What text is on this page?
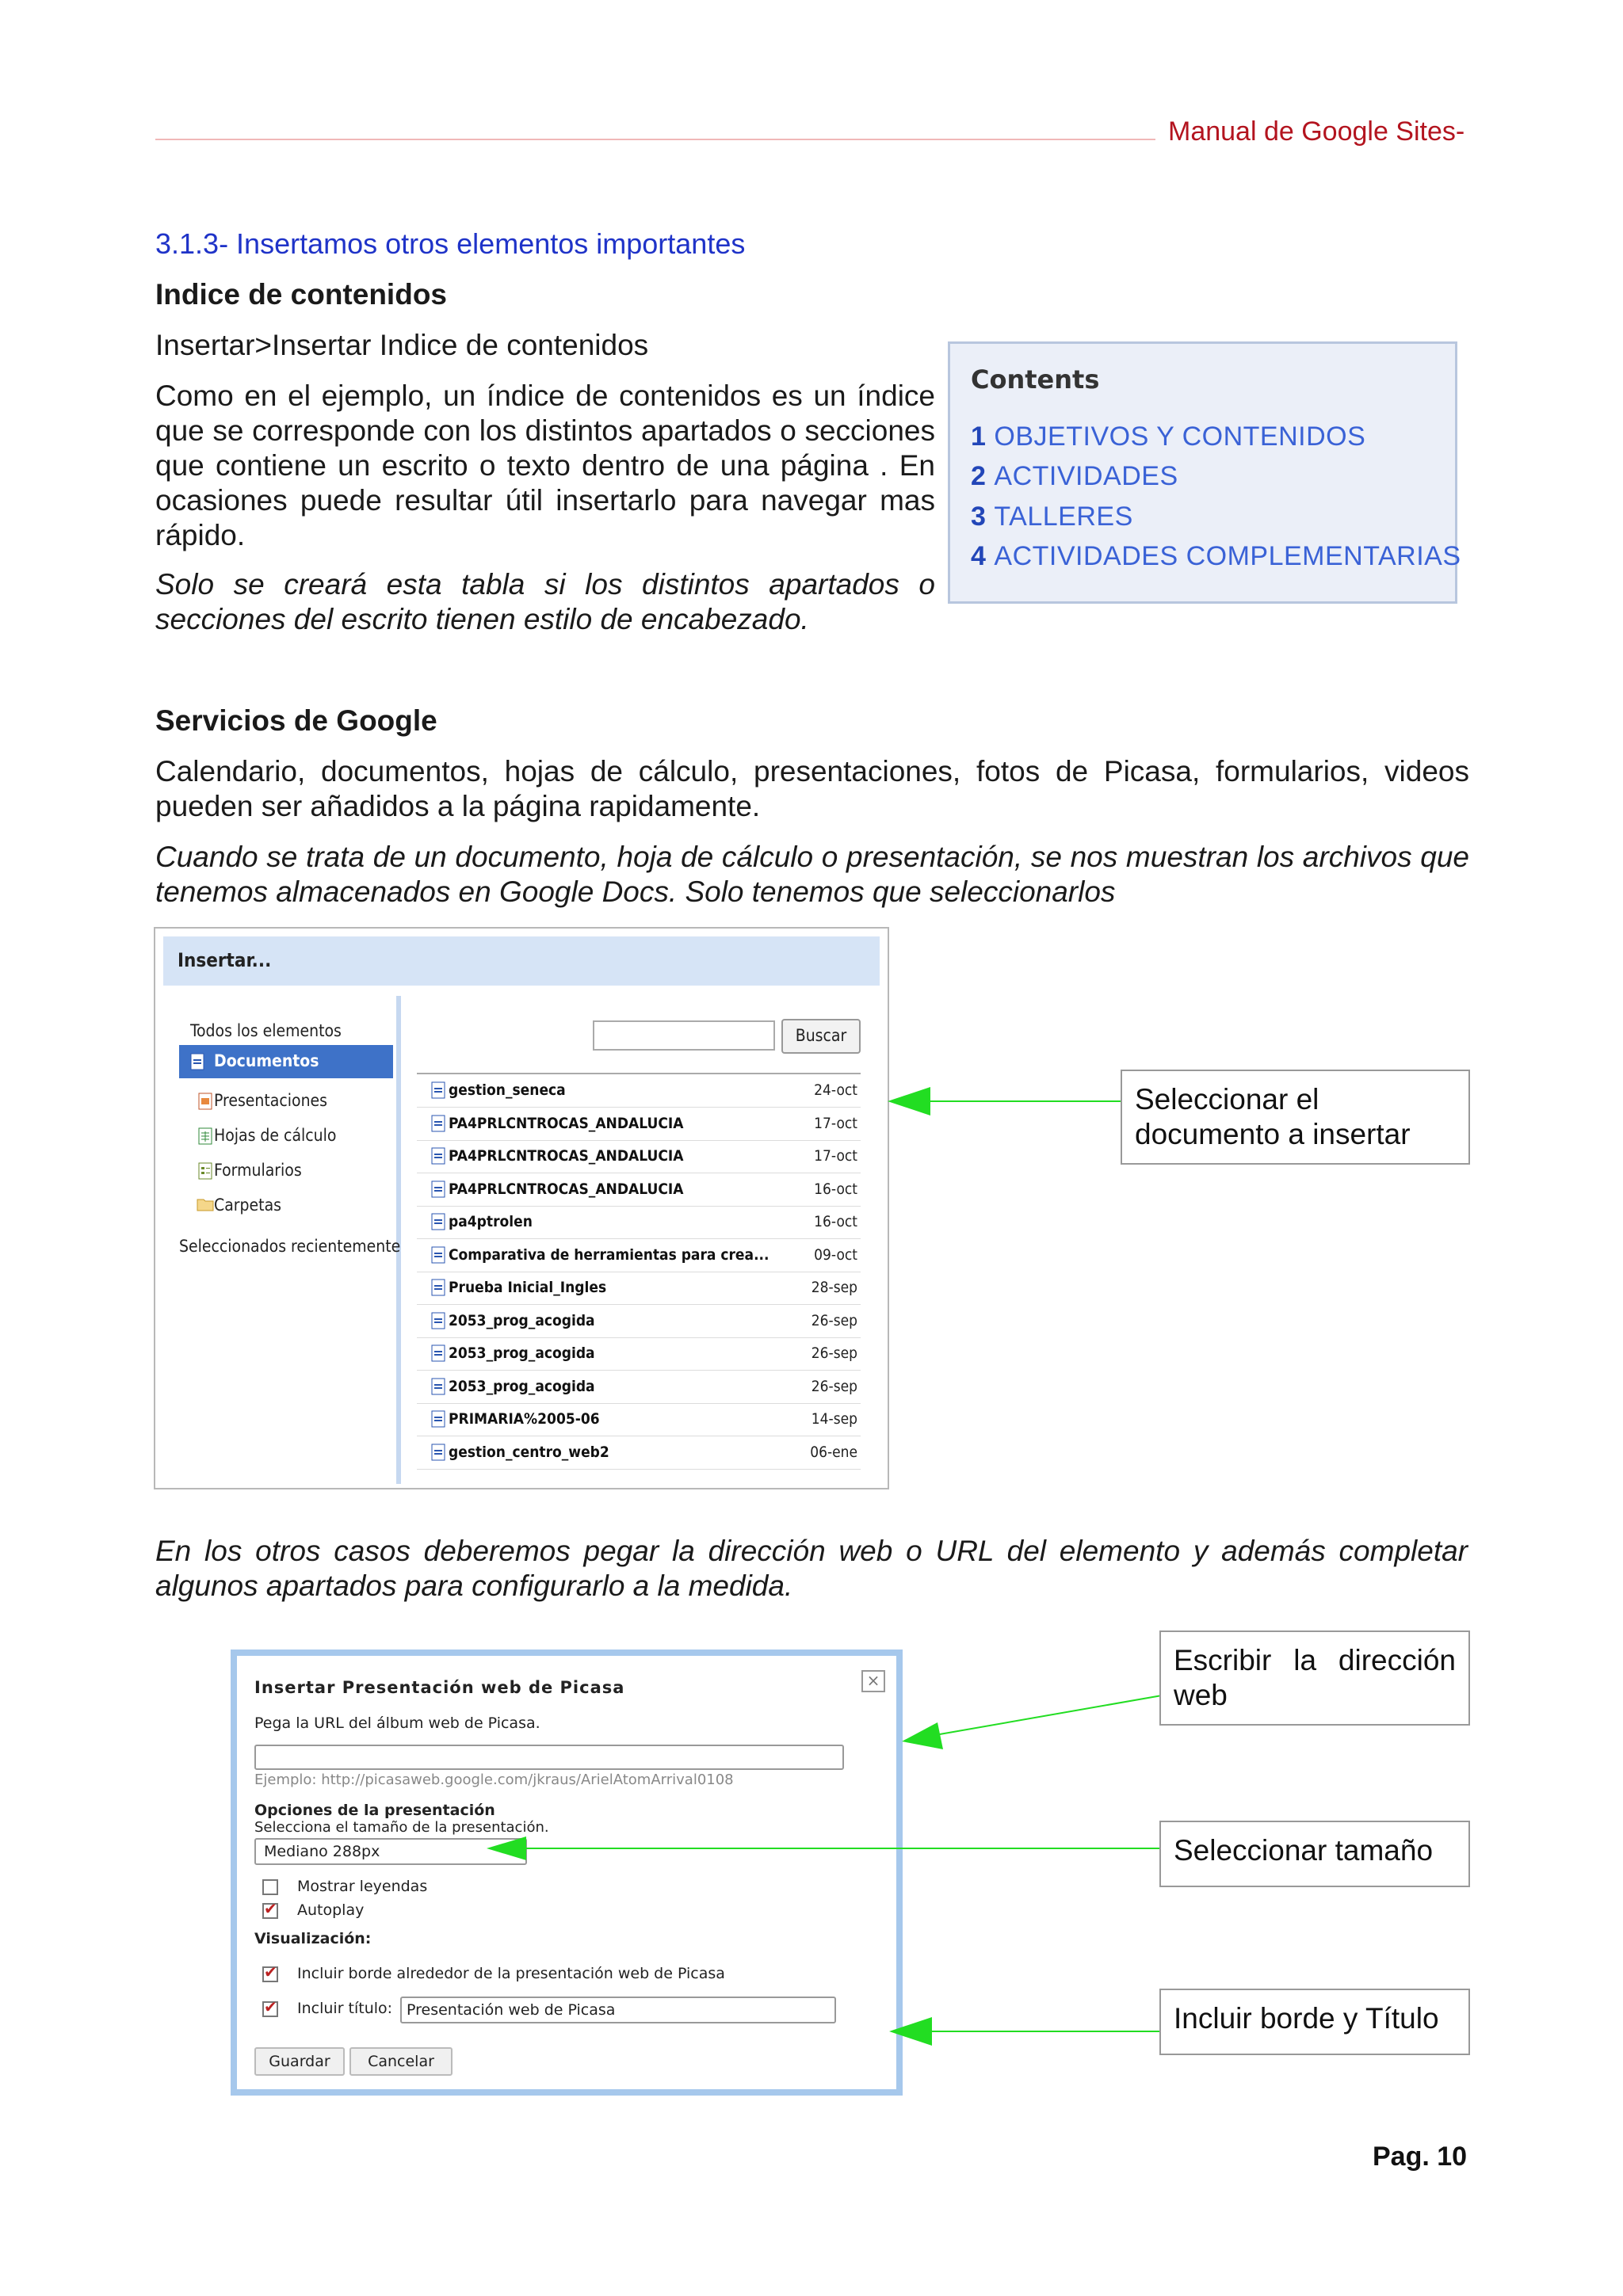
Manual de Google Sites-
3.1.3- Insertamos otros elementos importantes
Indice de contenidos
Insertar>Insertar Indice de contenidos
Como en el ejemplo, un índice de contenidos es un índice que se corresponde con los distintos apartados o secciones que contiene un escrito o texto dentro de una página . En ocasiones puede resultar útil insertarlo para navegar mas rápido.
Solo se creará esta tabla si los distintos apartados o secciones del escrito tienen estilo de encabezado.
Contents
1 OBJETIVOS Y CONTENIDOS
2 ACTIVIDADES
3 TALLERES
4 ACTIVIDADES COMPLEMENTARIAS
Servicios de Google
Calendario, documentos, hojas de cálculo, presentaciones, fotos de Picasa, formularios, videos pueden ser añadidos a la página rapidamente.
Cuando se trata de un documento, hoja de cálculo o presentación, se nos muestran los archivos que tenemos almacenados en Google Docs. Solo tenemos que seleccionarlos
Insertar...
Todos los elementos
Documentos
Presentaciones
Hojas de cálculo
Formularios
Carpetas
Seleccionados recientemente
Buscar
gestion_seneca	24-oct
PA4PRLCNTROCAS_ANDALUCIA	17-oct
PA4PRLCNTROCAS_ANDALUCIA	17-oct
PA4PRLCNTROCAS_ANDALUCIA	16-oct
pa4ptrolen	16-oct
Comparativa de herramientas para crea...	09-oct
Prueba Inicial_Ingles	28-sep
2053_prog_acogida	26-sep
2053_prog_acogida	26-sep
2053_prog_acogida	26-sep
PRIMARIA%2005-06	14-sep
gestion_centro_web2	06-ene
Seleccionar el documento a insertar
En los otros casos deberemos pegar la dirección web o URL del elemento y además completar algunos apartados para configurarlo a la medida.
Insertar Presentación web de Picasa	×
Pega la URL del álbum web de Picasa.
Ejemplo: http://picasaweb.google.com/jkraus/ArielAtomArrival0108
Opciones de la presentación
Selecciona el tamaño de la presentación.
Mediano 288px
Mostrar leyendas
✔
Autoplay
Visualización:
✔
Incluir borde alrededor de la presentación web de Picasa
✔
Incluir título: Presentación web de Picasa
Guardar	Cancelar
Escribir la dirección web
Seleccionar tamaño
Incluir borde y Título
Pag. 10
